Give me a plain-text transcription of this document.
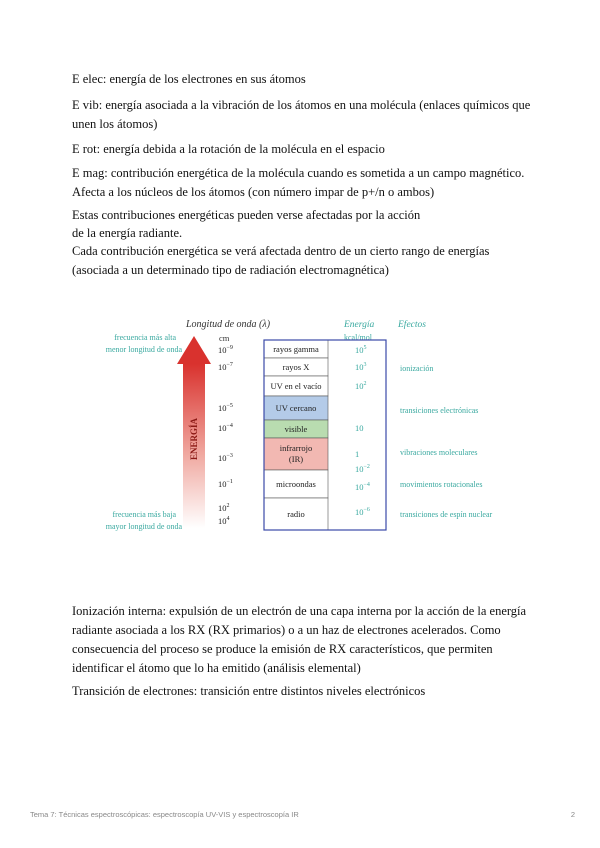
E elec: energía de los electrones en sus átomos

E vib: energía asociada a la vibración de los átomos en una molécula (enlaces químicos que unen los átomos)

E rot: energía debida a la rotación de la molécula en el espacio

E mag: contribución energética de la molécula cuando es sometida a un campo magnético. Afecta a los núcleos de los átomos (con número impar de p+/n o ambos)

Estas contribuciones energéticas pueden verse afectadas por la acción

de la energía radiante.

Cada contribución energética se verá afectada dentro de un cierto rango de energías (asociada a un determinado tipo de radiación electromagnética)

Longitud de onda (λ)
cm
Energía
kcal/mol
Efectos
frecuencia más alta
menor longitud de onda
frecuencia más baja
mayor longitud de onda
ENERGÍA
$10^{-9}$
$10^{-7}$
$10^{-5}$
$10^{-4}$
$10^{-3}$
$10^{-1}$
$10^2$
$10^4$
rayos gamma
rayos X
UV en el vacío
UV cercano
visible
infrarrojo
(IR)
microondas
radio
$10^5$
$10^3$
$10^2$
10
1
$10^{-2}$
$10^{-4}$
$10^{-6}$
ionización
transiciones electrónicas
vibraciones moleculares
movimientos rotacionales
transiciones de espín nuclear

Ionización interna: expulsión de un electrón de una capa interna por la acción de la energía radiante asociada a los RX (RX primarios) o a un haz de electrones acelerados. Como consecuencia del proceso se produce la emisión de RX característicos, que permiten identificar el átomo que lo ha emitido (análisis elemental)

Transición de electrones: transición entre distintos niveles electrónicos

Tema 7: Técnicas espectroscópicas: espectroscopía UV-VIS y espectroscopía IR	2
